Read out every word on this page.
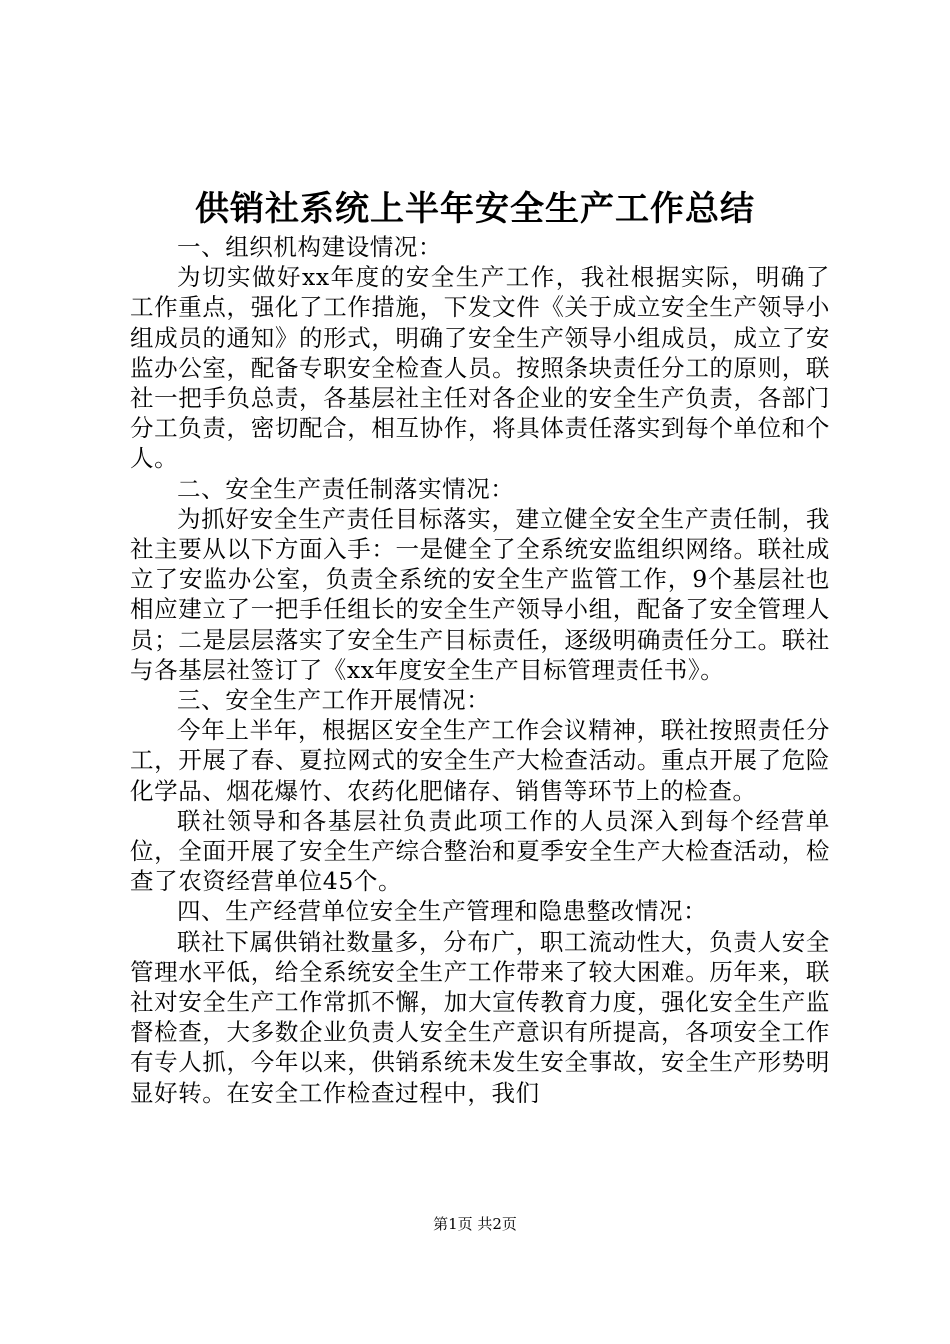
供销社系统上半年安全生产工作总结

一、组织机构建设情况：

为切实做好xx年度的安全生产工作，我社根据实际，明确了工作重点，强化了工作措施，下发文件《关于成立安全生产领导小组成员的通知》的形式，明确了安全生产领导小组成员，成立了安监办公室，配备专职安全检查人员。按照条块责任分工的原则，联社一把手负总责，各基层社主任对各企业的安全生产负责，各部门分工负责，密切配合，相互协作，将具体责任落实到每个单位和个人。

二、安全生产责任制落实情况：

为抓好安全生产责任目标落实，建立健全安全生产责任制，我社主要从以下方面入手：一是健全了全系统安监组织网络。联社成立了安监办公室，负责全系统的安全生产监管工作，9个基层社也相应建立了一把手任组长的安全生产领导小组，配备了安全管理人员；二是层层落实了安全生产目标责任，逐级明确责任分工。联社与各基层社签订了《xx年度安全生产目标管理责任书》。

三、安全生产工作开展情况：

今年上半年，根据区安全生产工作会议精神，联社按照责任分工，开展了春、夏拉网式的安全生产大检查活动。重点开展了危险化学品、烟花爆竹、农药化肥储存、销售等环节上的检查。

联社领导和各基层社负责此项工作的人员深入到每个经营单位，全面开展了安全生产综合整治和夏季安全生产大检查活动，检查了农资经营单位45个。

四、生产经营单位安全生产管理和隐患整改情况：

联社下属供销社数量多，分布广，职工流动性大，负责人安全管理水平低，给全系统安全生产工作带来了较大困难。历年来，联社对安全生产工作常抓不懈，加大宣传教育力度，强化安全生产监督检查，大多数企业负责人安全生产意识有所提高，各项安全工作有专人抓，今年以来，供销系统未发生安全事故，安全生产形势明显好转。在安全工作检查过程中，我们

第1页 共2页
